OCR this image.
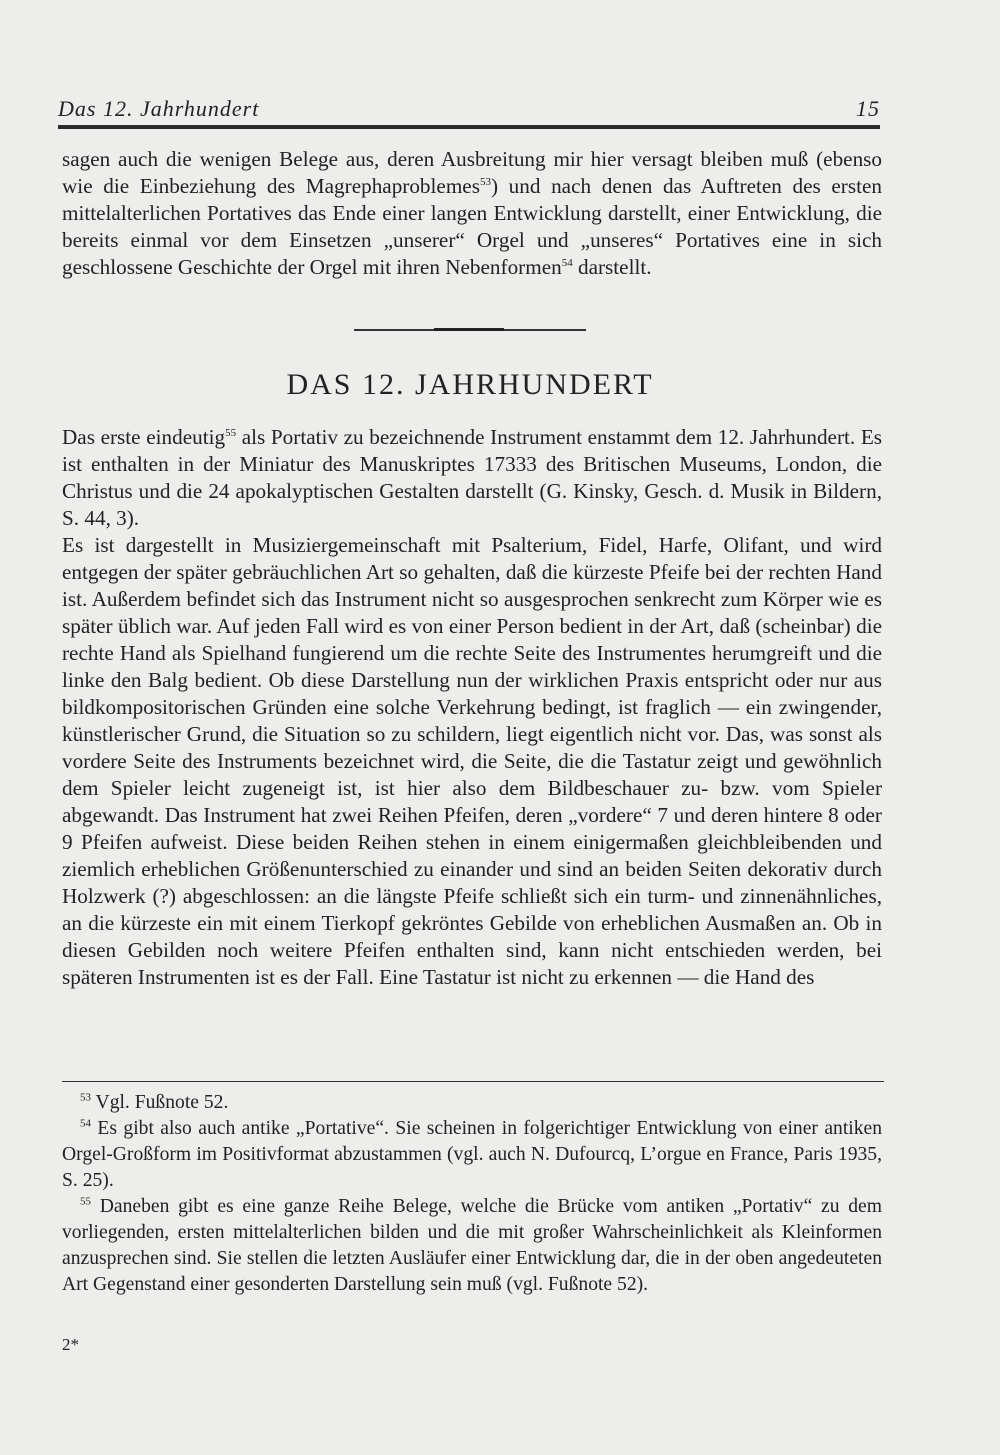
Das 12. Jahrhundert	15

sagen auch die wenigen Belege aus, deren Ausbreitung mir hier versagt bleiben muß (ebenso wie die Einbeziehung des Magrephaproblemes$^{53}$) und nach denen das Auftreten des ersten mittelalterlichen Portatives das Ende einer langen Entwicklung darstellt, einer Entwicklung, die bereits einmal vor dem Einsetzen „unserer“ Orgel und „unseres“ Portatives eine in sich geschlossene Geschichte der Orgel mit ihren Nebenformen$^{54}$ darstellt.

DAS 12. JAHRHUNDERT

Das erste eindeutig$^{55}$ als Portativ zu bezeichnende Instrument enstammt dem 12. Jahrhundert. Es ist enthalten in der Miniatur des Manuskriptes 17333 des Britischen Museums, London, die Christus und die 24 apokalyptischen Gestalten darstellt (G. Kinsky, Gesch. d. Musik in Bildern, S. 44, 3).

Es ist dargestellt in Musiziergemeinschaft mit Psalterium, Fidel, Harfe, Olifant, und wird entgegen der später gebräuchlichen Art so gehalten, daß die kürzeste Pfeife bei der rechten Hand ist. Außerdem befindet sich das Instrument nicht so ausgesprochen senkrecht zum Körper wie es später üblich war. Auf jeden Fall wird es von einer Person bedient in der Art, daß (scheinbar) die rechte Hand als Spielhand fungierend um die rechte Seite des Instrumentes herumgreift und die linke den Balg bedient. Ob diese Darstellung nun der wirklichen Praxis entspricht oder nur aus bildkompositorischen Gründen eine solche Verkehrung bedingt, ist fraglich — ein zwingender, künstlerischer Grund, die Situation so zu schildern, liegt eigentlich nicht vor. Das, was sonst als vordere Seite des Instruments bezeichnet wird, die Seite, die die Tastatur zeigt und gewöhnlich dem Spieler leicht zugeneigt ist, ist hier also dem Bildbeschauer zu- bzw. vom Spieler abgewandt. Das Instrument hat zwei Reihen Pfeifen, deren „vordere“ 7 und deren hintere 8 oder 9 Pfeifen aufweist. Diese beiden Reihen stehen in einem einigermaßen gleichbleibenden und ziemlich erheblichen Größenunterschied zu einander und sind an beiden Seiten dekorativ durch Holzwerk (?) abgeschlossen: an die längste Pfeife schließt sich ein turm- und zinnenähnliches, an die kürzeste ein mit einem Tierkopf gekröntes Gebilde von erheblichen Ausmaßen an. Ob in diesen Gebilden noch weitere Pfeifen enthalten sind, kann nicht entschieden werden, bei späteren Instrumenten ist es der Fall. Eine Tastatur ist nicht zu erkennen — die Hand des

$^{53}$ Vgl. Fußnote 52.

$^{54}$ Es gibt also auch antike „Portative“. Sie scheinen in folgerichtiger Entwicklung von einer antiken Orgel-Großform im Positivformat abzustammen (vgl. auch N. Dufourcq, L’orgue en France, Paris 1935, S. 25).

$^{55}$ Daneben gibt es eine ganze Reihe Belege, welche die Brücke vom antiken „Portativ“ zu dem vorliegenden, ersten mittelalterlichen bilden und die mit großer Wahrscheinlichkeit als Kleinformen anzusprechen sind. Sie stellen die letzten Ausläufer einer Entwicklung dar, die in der oben angedeuteten Art Gegenstand einer gesonderten Darstellung sein muß (vgl. Fußnote 52).

2*
